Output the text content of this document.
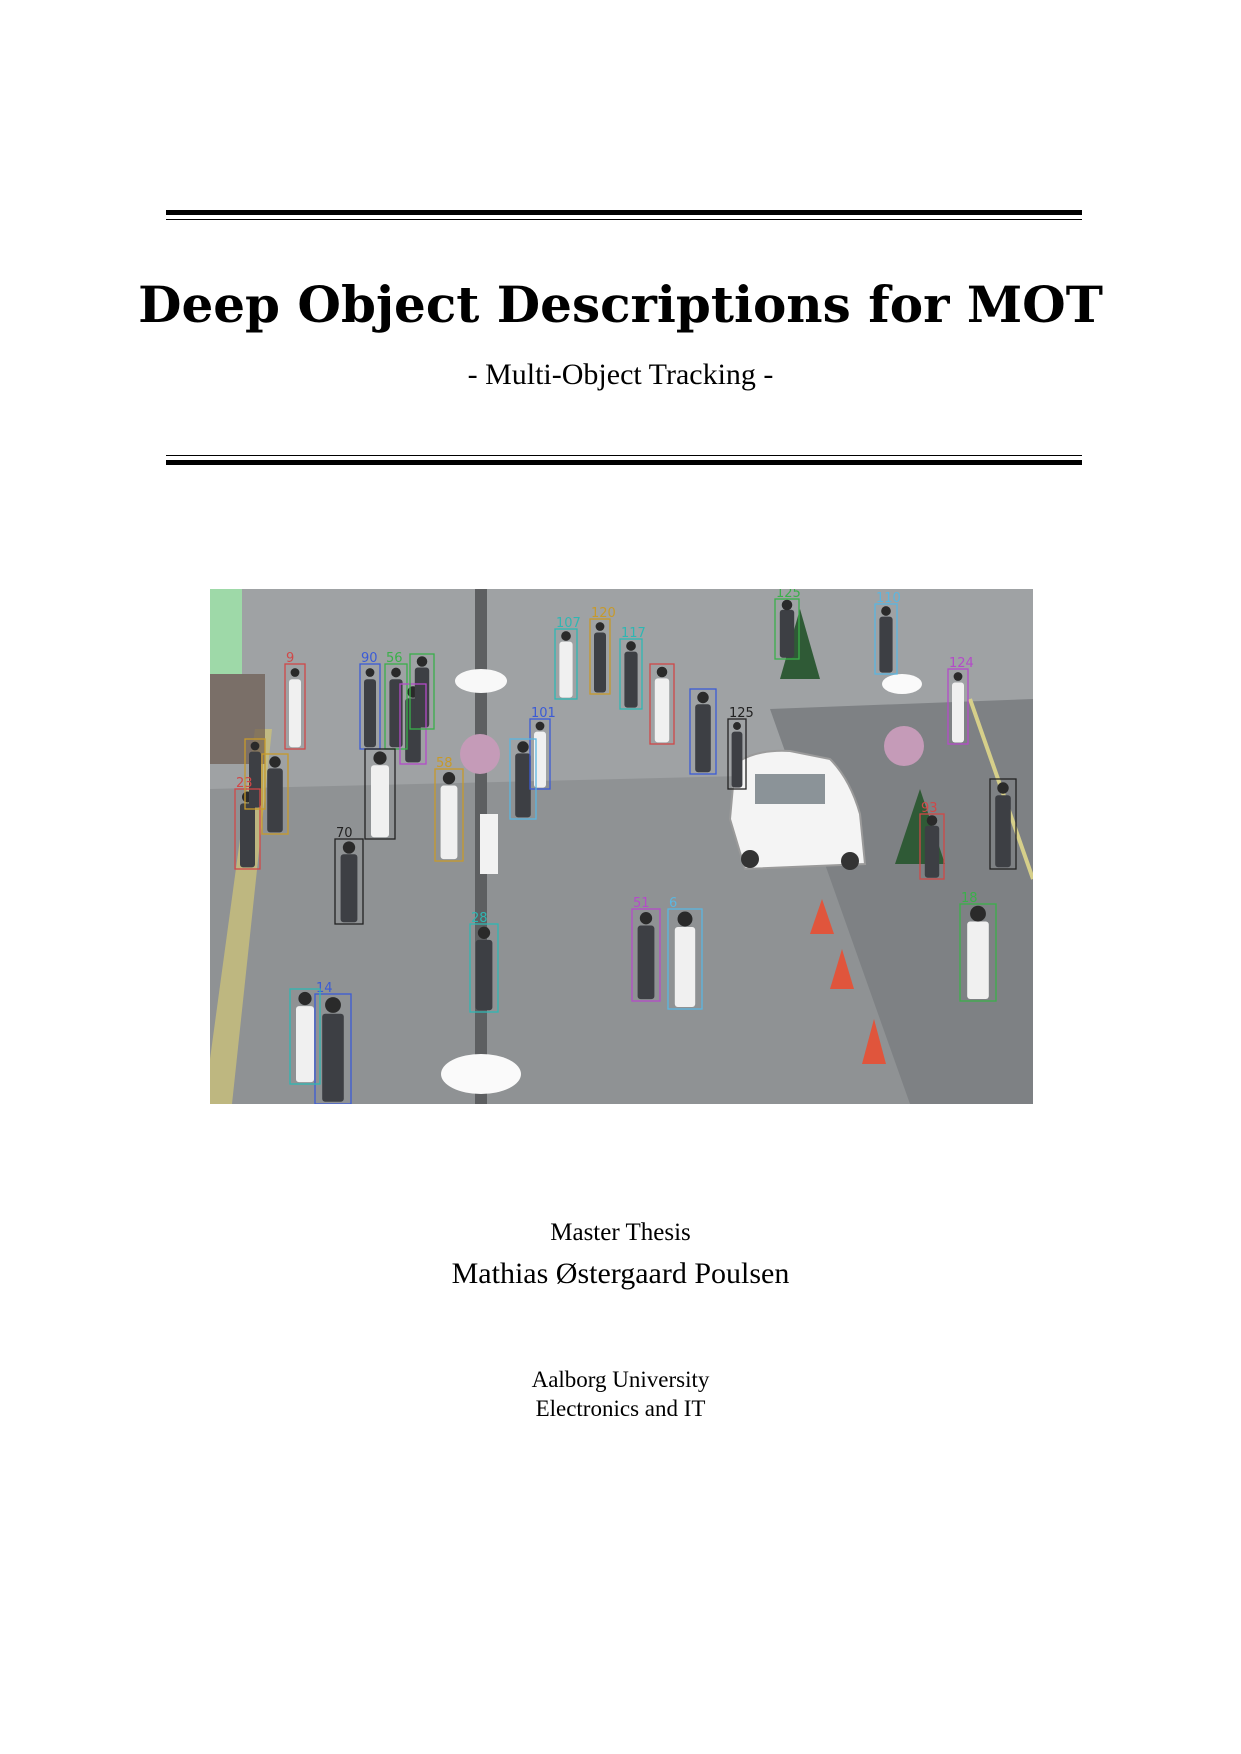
Deep Object Descriptions for MOT
- Multi-Object Tracking -
9	90 56
107
120
125
124
110
93
101
125
28
58
70
51 6
23
14
18
117
Master Thesis
Mathias Østergaard Poulsen
Aalborg University
Electronics and IT
